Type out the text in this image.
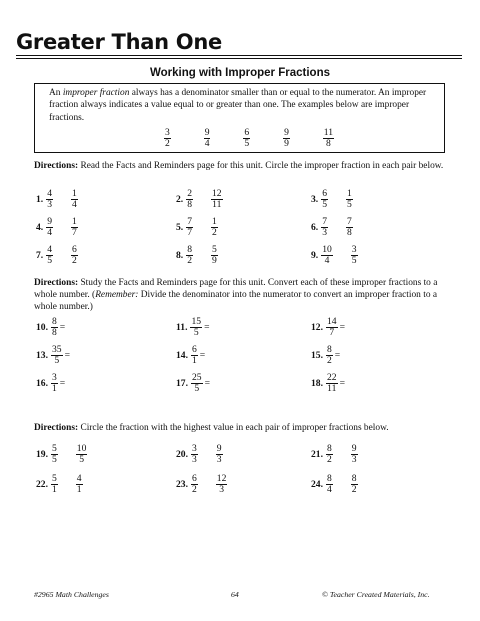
Greater Than One
Working with Improper Fractions
An improper fraction always has a denominator smaller than or equal to the numerator. An improper fraction always indicates a value equal to or greater than one. The examples below are improper fractions.
$\frac{3}{2}$	$\frac{9}{4}$	$\frac{6}{5}$	$\frac{9}{9}$	$\frac{11}{8}$
Directions: Read the Facts and Reminders page for this unit. Circle the improper fraction in each pair below.
1. $\frac{4}{3} \frac{1}{4}$	2. $\frac{2}{8} \frac{12}{11}$	3. $\frac{6}{5} \frac{1}{5}$
4. $\frac{9}{4} \frac{1}{7}$	5. $\frac{7}{7} \frac{1}{2}$	6. $\frac{7}{3} \frac{7}{8}$
7. $\frac{4}{5} \frac{6}{2}$	8. $\frac{8}{2} \frac{5}{9}$	9. $\frac{10}{4} \frac{3}{5}$
Directions: Study the Facts and Reminders page for this unit. Convert each of these improper fractions to a whole number. (Remember: Divide the denominator into the numerator to convert an improper fraction to a whole number.)
10. $\frac{8}{8}$ =	11. $\frac{15}{5}$ =	12. $\frac{14}{7}$ =
13. $\frac{35}{5}$ =	14. $\frac{6}{1}$ =	15. $\frac{8}{2}$ =
16. $\frac{3}{1}$ =	17. $\frac{25}{5}$ =	18. $\frac{22}{11}$ =
Directions: Circle the fraction with the highest value in each pair of improper fractions below.
19. $\frac{5}{5} \frac{10}{5}$	20. $\frac{3}{3} \frac{9}{3}$	21. $\frac{8}{2} \frac{9}{3}$
22. $\frac{5}{1} \frac{4}{1}$	23. $\frac{6}{2} \frac{12}{3}$	24. $\frac{8}{4} \frac{8}{2}$
#2965 Math Challenges	64	© Teacher Created Materials, Inc.
